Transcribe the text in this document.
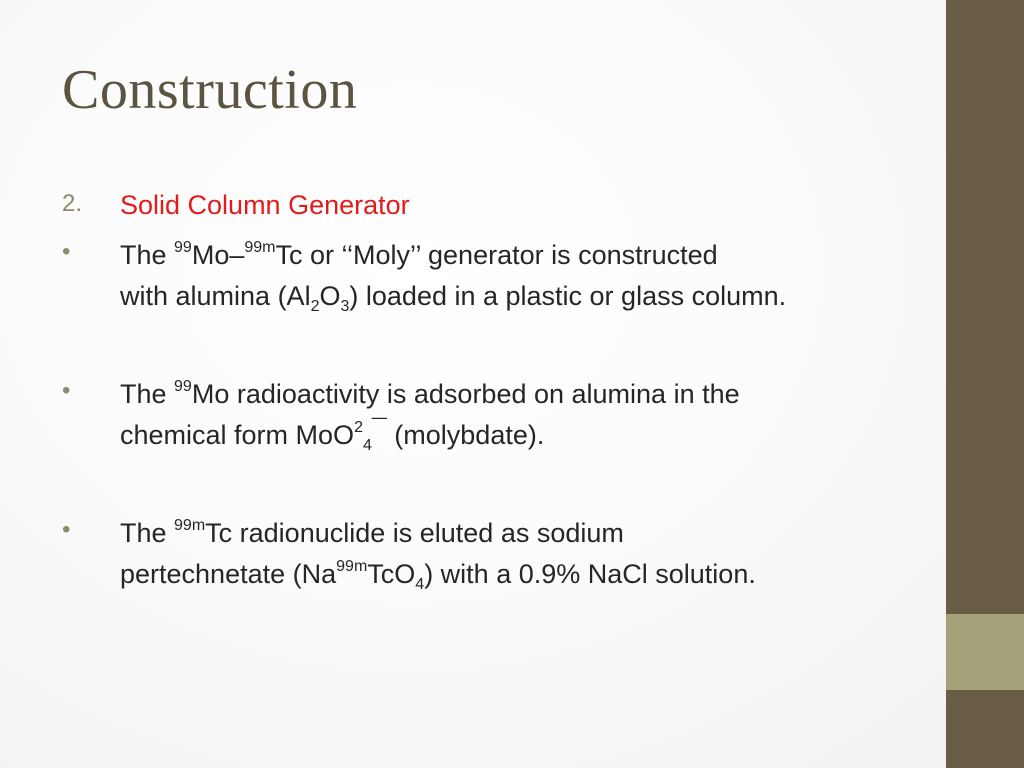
Construction
2. Solid Column Generator
• The $^{99}$Mo–$^{99m}$Tc or ‘‘Moly’’ generator is constructed
with alumina $(Al_2O_3)$ loaded in a plastic or glass column.
• The $^{99}$Mo radioactivity is adsorbed on alumina in the
chemical form MoO$^2_4$¯ (molybdate).
• The $^{99m}$Tc radionuclide is eluted as sodium
pertechnetate $(Na^{99m}TcO_4)$ with a 0.9% NaCl solution.
